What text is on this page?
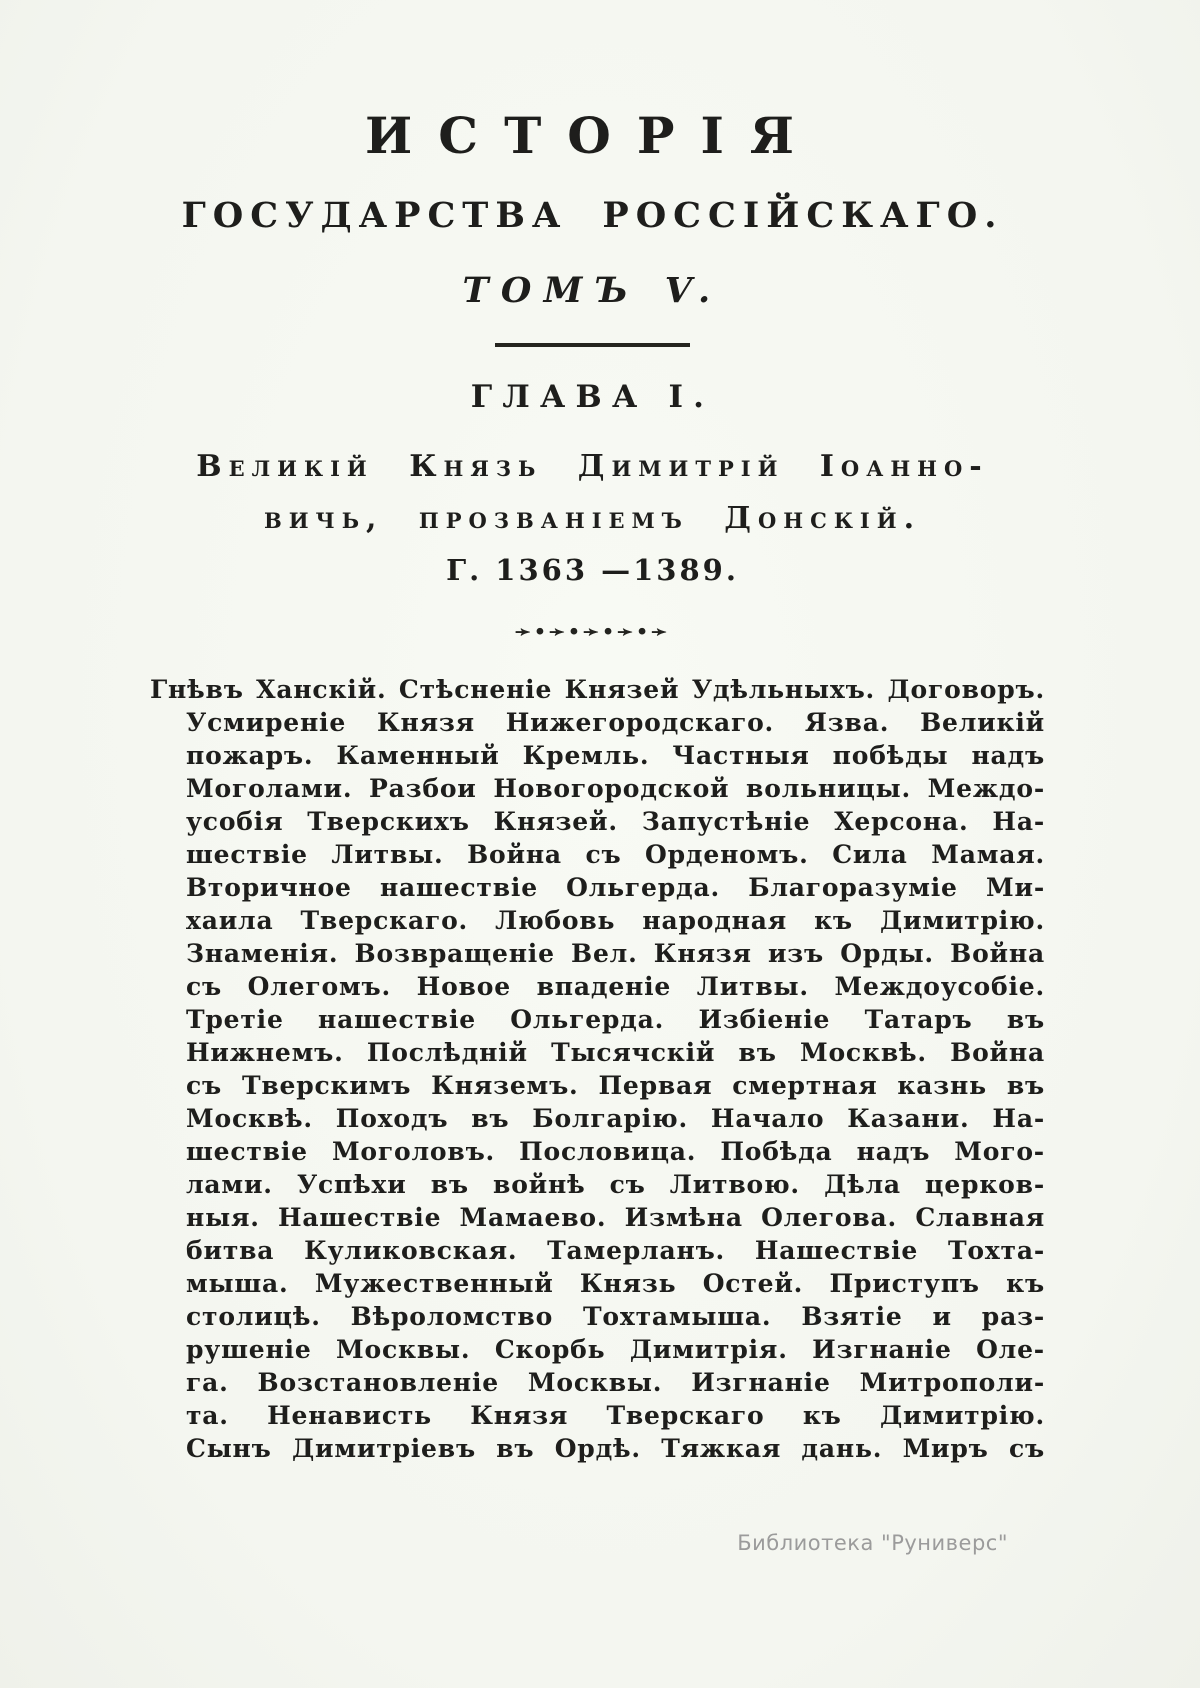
ИСТОРІЯ
ГОСУДАРСТВА РОССІЙСКАГО.
ТОМЪ V.
ГЛАВА I.
Великій Князь Димитрій Іоанно-
вичь, прозваніемъ Донскій.
Г. 1363 —1389.
➛•➛•➛•➛•➛
Гнѣвъ Ханскій. Стѣсненіе Князей Удѣльныхъ. Договоръ.
Усмиреніе Князя Нижегородскаго. Язва. Великій
пожаръ. Каменный Кремль. Частныя побѣды надъ
Моголами. Разбои Новогородской вольницы. Междо-
усобія Тверскихъ Князей. Запустѣніе Херсона. На-
шествіе Литвы. Война съ Орденомъ. Сила Мамая.
Вторичное нашествіе Ольгерда. Благоразуміе Ми-
хаила Тверскаго. Любовь народная къ Димитрію.
Знаменія. Возвращеніе Вел. Князя изъ Орды. Война
съ Олегомъ. Новое впаденіе Литвы. Междоусобіе.
Третіе нашествіе Ольгерда. Избіеніе Татаръ въ
Нижнемъ. Послѣдній Тысячскій въ Москвѣ. Война
съ Тверскимъ Княземъ. Первая смертная казнь въ
Москвѣ. Походъ въ Болгарію. Начало Казани. На-
шествіе Моголовъ. Пословица. Побѣда надъ Мого-
лами. Успѣхи въ войнѣ съ Литвою. Дѣла церков-
ныя. Нашествіе Мамаево. Измѣна Олегова. Славная
битва Куликовская. Тамерланъ. Нашествіе Тохта-
мыша. Мужественный Князь Остей. Приступъ къ
столицѣ. Вѣроломство Тохтамыша. Взятіе и раз-
рушеніе Москвы. Скорбь Димитрія. Изгнаніе Оле-
га. Возстановленіе Москвы. Изгнаніе Митрополи-
та. Ненависть Князя Тверскаго къ Димитрію.
Сынъ Димитріевъ въ Ордѣ. Тяжкая дань. Миръ съ
Библиотека "Руниверс"
